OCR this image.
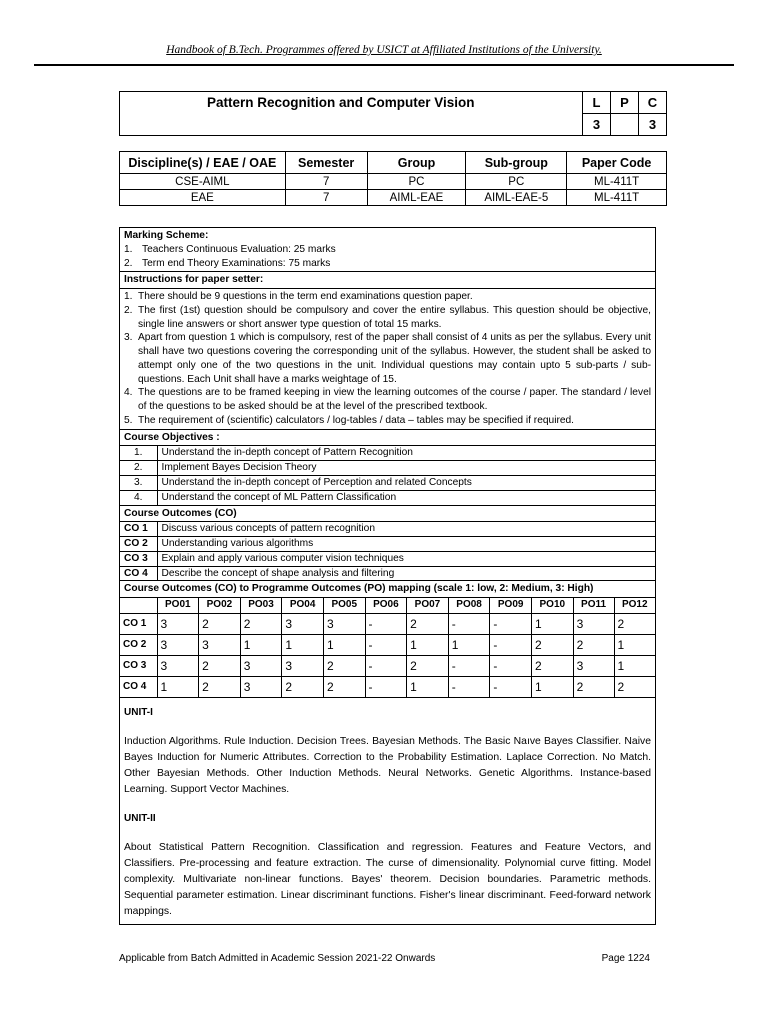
Handbook of B.Tech. Programmes offered by USICT at Affiliated Institutions of the University.
Pattern Recognition and Computer Vision	L	P	C
	3		3
Discipline(s) / EAE / OAE	Semester	Group	Sub-group	Paper Code
CSE-AIML	7	PC	PC	ML-411T
EAE	7	AIML-EAE	AIML-EAE-5	ML-411T
Marking Scheme:
1. Teachers Continuous Evaluation: 25 marks
2. Term end Theory Examinations: 75 marks

Instructions for paper setter:

1. There should be 9 questions in the term end examinations question paper.
2. The first (1st) question should be compulsory and cover the entire syllabus. This question should be objective, single line answers or short answer type question of total 15 marks.
3. Apart from question 1 which is compulsory, rest of the paper shall consist of 4 units as per the syllabus. Every unit shall have two questions covering the corresponding unit of the syllabus. However, the student shall be asked to attempt only one of the two questions in the unit. Individual questions may contain upto 5 sub-parts / sub-questions. Each Unit shall have a marks weightage of 15.
4. The questions are to be framed keeping in view the learning outcomes of the course / paper. The standard / level of the questions to be asked should be at the level of the prescribed textbook.
5. The requirement of (scientific) calculators / log-tables / data – tables may be specified if required.

Course Objectives :

1.	Understand the in-depth concept of Pattern Recognition
2.	Implement Bayes Decision Theory
3.	Understand the in-depth concept of Perception and related Concepts
4.	Understand the concept of ML Pattern Classification

Course Outcomes (CO)

CO 1	Discuss various concepts of pattern recognition
CO 2	Understanding various algorithms
CO 3	Explain and apply various computer vision techniques
CO 4	Describe the concept of shape analysis and filtering

Course Outcomes (CO) to Programme Outcomes (PO) mapping (scale 1: low, 2: Medium, 3: High)

	PO01	PO02	PO03	PO04	PO05	PO06	PO07	PO08	PO09	PO10	PO11	PO12
CO 1	3	2	2	3	3	-	2	-	-	1	3	2
CO 2	3	3	1	1	1	-	1	1	-	2	2	1
CO 3	3	2	3	3	2	-	2	-	-	2	3	1
CO 4	1	2	3	2	2	-	1	-	-	1	2	2

UNIT-I
Induction Algorithms. Rule Induction. Decision Trees. Bayesian Methods. The Basic Naıve Bayes Classifier. Naive Bayes Induction for Numeric Attributes. Correction to the Probability Estimation. Laplace Correction. No Match. Other Bayesian Methods. Other Induction Methods. Neural Networks. Genetic Algorithms. Instance-based Learning. Support Vector Machines.
UNIT-II
About Statistical Pattern Recognition. Classification and regression. Features and Feature Vectors, and Classifiers. Pre-processing and feature extraction. The curse of dimensionality. Polynomial curve fitting. Model complexity. Multivariate non-linear functions. Bayes' theorem. Decision boundaries. Parametric methods. Sequential parameter estimation. Linear discriminant functions. Fisher's linear discriminant. Feed-forward network mappings.
Applicable from Batch Admitted in Academic Session 2021-22 Onwards	Page 1224
